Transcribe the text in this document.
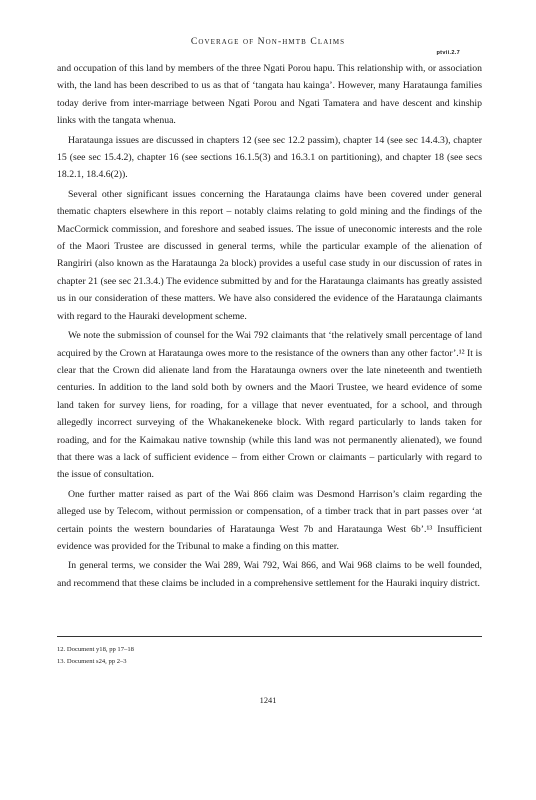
Coverage of Non-hmtb Claims
ptvii.2.7

and occupation of this land by members of the three Ngati Porou hapu. This relationship with, or association with, the land has been described to us as that of ‘tangata hau kainga’. However, many Harataunga families today derive from inter-marriage between Ngati Porou and Ngati Tamatera and have descent and kinship links with the tangata whenua.

Harataunga issues are discussed in chapters 12 (see sec 12.2 passim), chapter 14 (see sec 14.4.3), chapter 15 (see sec 15.4.2), chapter 16 (see sections 16.1.5(3) and 16.3.1 on partitioning), and chapter 18 (see secs 18.2.1, 18.4.6(2)).

Several other significant issues concerning the Harataunga claims have been covered under general thematic chapters elsewhere in this report – notably claims relating to gold mining and the findings of the MacCormick commission, and foreshore and seabed issues. The issue of uneconomic interests and the role of the Maori Trustee are discussed in general terms, while the particular example of the alienation of Rangiriri (also known as the Harataunga 2a block) provides a useful case study in our discussion of rates in chapter 21 (see sec 21.3.4.) The evidence submitted by and for the Harataunga claimants has greatly assisted us in our consideration of these matters. We have also considered the evidence of the Harataunga claimants with regard to the Hauraki development scheme.

We note the submission of counsel for the Wai 792 claimants that ‘the relatively small percentage of land acquired by the Crown at Harataunga owes more to the resistance of the owners than any other factor’.¹² It is clear that the Crown did alienate land from the Harataunga owners over the late nineteenth and twentieth centuries. In addition to the land sold both by owners and the Maori Trustee, we heard evidence of some land taken for survey liens, for roading, for a village that never eventuated, for a school, and through allegedly incorrect surveying of the Whakanekeneke block. With regard particularly to lands taken for roading, and for the Kaimakau native township (while this land was not permanently alienated), we found that there was a lack of sufficient evidence – from either Crown or claimants – particularly with regard to the issue of consultation.

One further matter raised as part of the Wai 866 claim was Desmond Harrison’s claim regarding the alleged use by Telecom, without permission or compensation, of a timber track that in part passes over ‘at certain points the western boundaries of Harataunga West 7b and Harataunga West 6b’.¹³ Insufficient evidence was provided for the Tribunal to make a finding on this matter.

In general terms, we consider the Wai 289, Wai 792, Wai 866, and Wai 968 claims to be well founded, and recommend that these claims be included in a comprehensive settlement for the Hauraki inquiry district.

12. Document y18, pp 17–18
13. Document s24, pp 2–3
1241
